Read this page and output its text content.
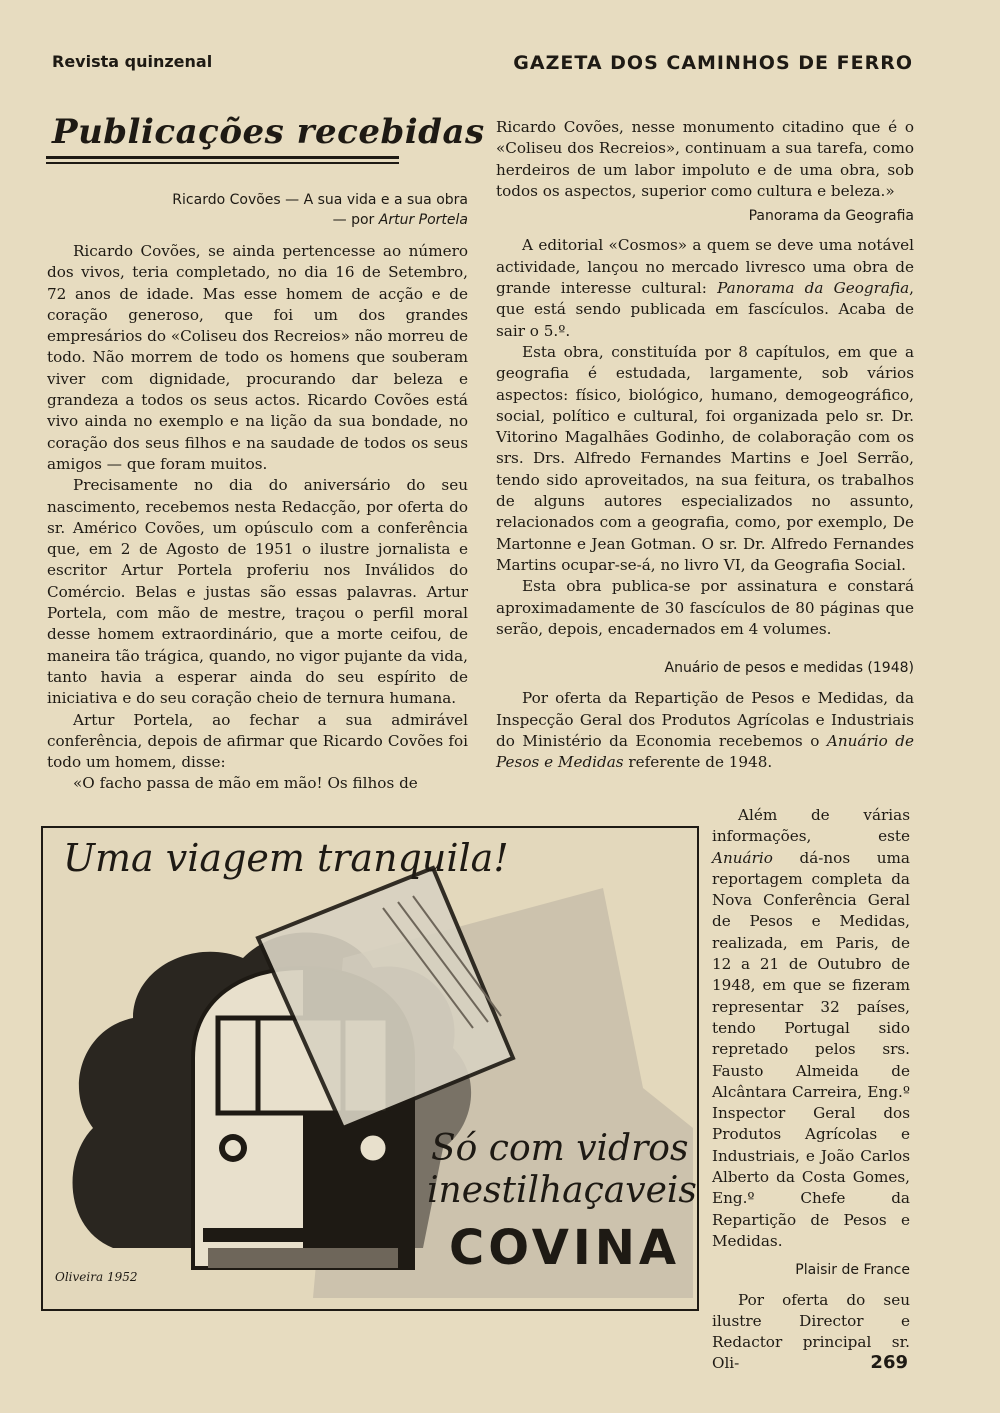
Revista quinzenal	GAZETA DOS CAMINHOS DE FERRO
Publicações recebidas

Ricardo Covões — A sua vida e a sua obra
— por Artur Portela

Ricardo Covões, se ainda pertencesse ao número dos vivos, teria completado, no dia 16 de Setembro, 72 anos de idade. Mas esse homem de acção e de coração generoso, que foi um dos grandes empresários do «Coliseu dos Recreios» não morreu de todo. Não morrem de todo os homens que souberam viver com dignidade, procurando dar beleza e grandeza a todos os seus actos. Ricardo Covões está vivo ainda no exemplo e na lição da sua bondade, no coração dos seus filhos e na saudade de todos os seus amigos — que foram muitos.

Precisamente no dia do aniversário do seu nascimento, recebemos nesta Redacção, por oferta do sr. Américo Covões, um opúsculo com a conferência que, em 2 de Agosto de 1951 o ilustre jornalista e escritor Artur Portela proferiu nos Inválidos do Comércio. Belas e justas são essas palavras. Artur Portela, com mão de mestre, traçou o perfil moral desse homem extraordinário, que a morte ceifou, de maneira tão trágica, quando, no vigor pujante da vida, tanto havia a esperar ainda do seu espírito de iniciativa e do seu coração cheio de ternura humana.

Artur Portela, ao fechar a sua admirável conferência, depois de afirmar que Ricardo Covões foi todo um homem, disse:

«O facho passa de mão em mão! Os filhos de

Ricardo Covões, nesse monumento citadino que é o «Coliseu dos Recreios», continuam a sua tarefa, como herdeiros de um labor impoluto e de uma obra, sob todos os aspectos, superior como cultura e beleza.»

Panorama da Geografia

A editorial «Cosmos» a quem se deve uma notável actividade, lançou no mercado livresco uma obra de grande interesse cultural: Panorama da Geografia, que está sendo publicada em fascículos. Acaba de sair o 5.º.

Esta obra, constituída por 8 capítulos, em que a geografia é estudada, largamente, sob vários aspectos: físico, biológico, humano, demogeográfico, social, político e cultural, foi organizada pelo sr. Dr. Vitorino Magalhães Godinho, de colaboração com os srs. Drs. Alfredo Fernandes Martins e Joel Serrão, tendo sido aproveitados, na sua feitura, os trabalhos de alguns autores especializados no assunto, relacionados com a geografia, como, por exemplo, De Martonne e Jean Gotman. O sr. Dr. Alfredo Fernandes Martins ocupar-se-á, no livro VI, da Geografia Social.

Esta obra publica-se por assinatura e constará aproximadamente de 30 fascículos de 80 páginas que serão, depois, encadernados em 4 volumes.

Anuário de pesos e medidas (1948)

Por oferta da Repartição de Pesos e Medidas, da Inspecção Geral dos Produtos Agrícolas e Industriais do Ministério da Economia recebemos o Anuário de Pesos e Medidas referente de 1948.

Além de várias informações, este Anuário dá-nos uma reportagem completa da Nova Conferência Geral de Pesos e Medidas, realizada, em Paris, de 12 a 21 de Outubro de 1948, em que se fizeram representar 32 países, tendo Portugal sido repretado pelos srs. Fausto Almeida de Alcântara Carreira, Eng.º Inspector Geral dos Produtos Agrícolas e Industriais, e João Carlos Alberto da Costa Gomes, Eng.º Chefe da Repartição de Pesos e Medidas.

Plaisir de France

Por oferta do seu ilustre Director e Redactor principal sr. Oli-

Uma viagem tranquila!
Só com vidros
inestilhaçaveis
COVINA
Oliveira 1952
269
